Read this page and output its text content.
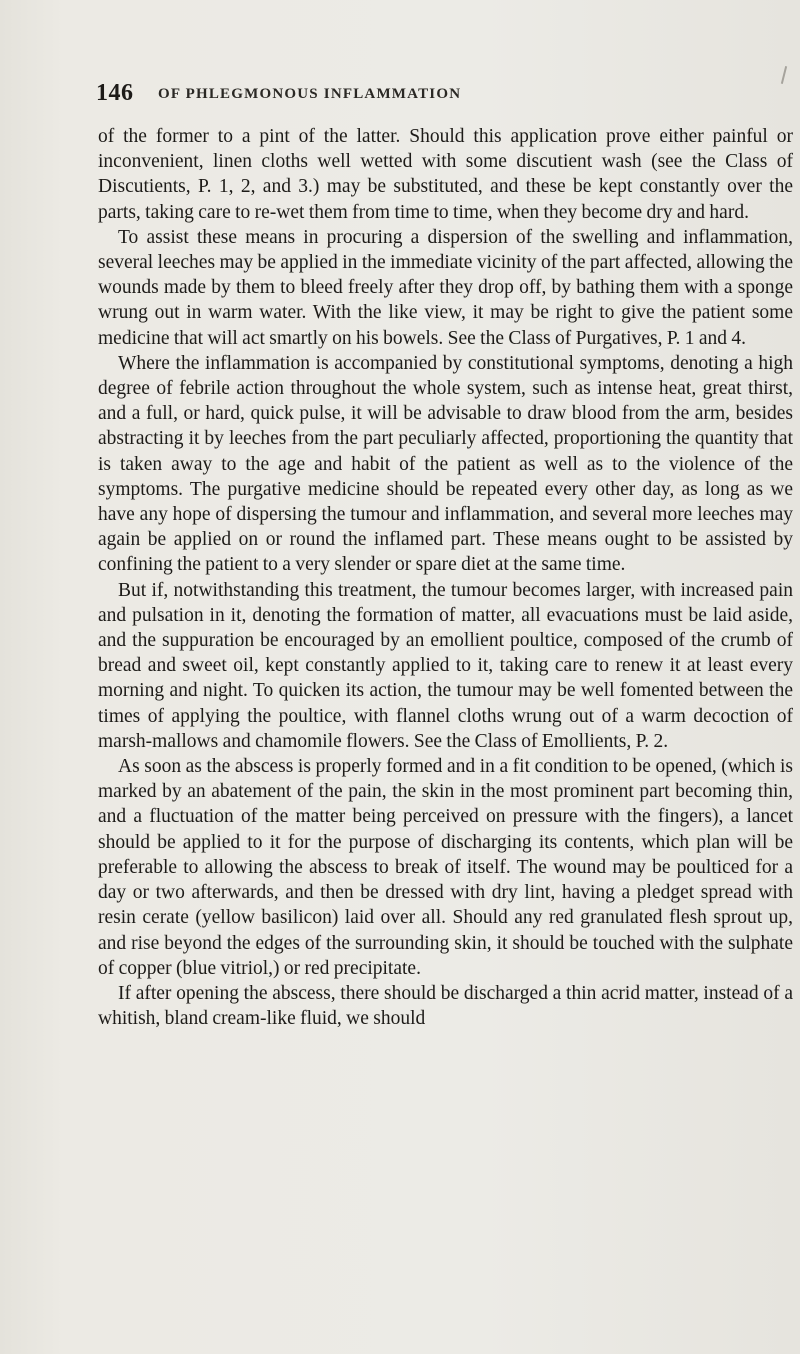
146 OF PHLEGMONOUS INFLAMMATION

of the former to a pint of the latter. Should this application prove either painful or inconvenient, linen cloths well wetted with some discutient wash (see the Class of Discutients, P. 1, 2, and 3.) may be substituted, and these be kept constantly over the parts, taking care to re-wet them from time to time, when they become dry and hard.

To assist these means in procuring a dispersion of the swelling and inflammation, several leeches may be applied in the immediate vicinity of the part affected, allowing the wounds made by them to bleed freely after they drop off, by bathing them with a sponge wrung out in warm water. With the like view, it may be right to give the patient some medicine that will act smartly on his bowels. See the Class of Purgatives, P. 1 and 4.

Where the inflammation is accompanied by constitutional symptoms, denoting a high degree of febrile action throughout the whole system, such as intense heat, great thirst, and a full, or hard, quick pulse, it will be advisable to draw blood from the arm, besides abstracting it by leeches from the part peculiarly affected, proportioning the quantity that is taken away to the age and habit of the patient as well as to the violence of the symptoms. The purgative medicine should be repeated every other day, as long as we have any hope of dispersing the tumour and inflammation, and several more leeches may again be applied on or round the inflamed part. These means ought to be assisted by confining the patient to a very slender or spare diet at the same time.

But if, notwithstanding this treatment, the tumour becomes larger, with increased pain and pulsation in it, denoting the formation of matter, all evacuations must be laid aside, and the suppuration be encouraged by an emollient poultice, composed of the crumb of bread and sweet oil, kept constantly applied to it, taking care to renew it at least every morning and night. To quicken its action, the tumour may be well fomented between the times of applying the poultice, with flannel cloths wrung out of a warm decoction of marsh-mallows and chamomile flowers. See the Class of Emollients, P. 2.

As soon as the abscess is properly formed and in a fit condition to be opened, (which is marked by an abatement of the pain, the skin in the most prominent part becoming thin, and a fluctuation of the matter being perceived on pressure with the fingers), a lancet should be applied to it for the purpose of discharging its contents, which plan will be preferable to allowing the abscess to break of itself. The wound may be poulticed for a day or two afterwards, and then be dressed with dry lint, having a pledget spread with resin cerate (yellow basilicon) laid over all. Should any red granulated flesh sprout up, and rise beyond the edges of the surrounding skin, it should be touched with the sulphate of copper (blue vitriol,) or red precipitate.

If after opening the abscess, there should be discharged a thin acrid matter, instead of a whitish, bland cream-like fluid, we should
